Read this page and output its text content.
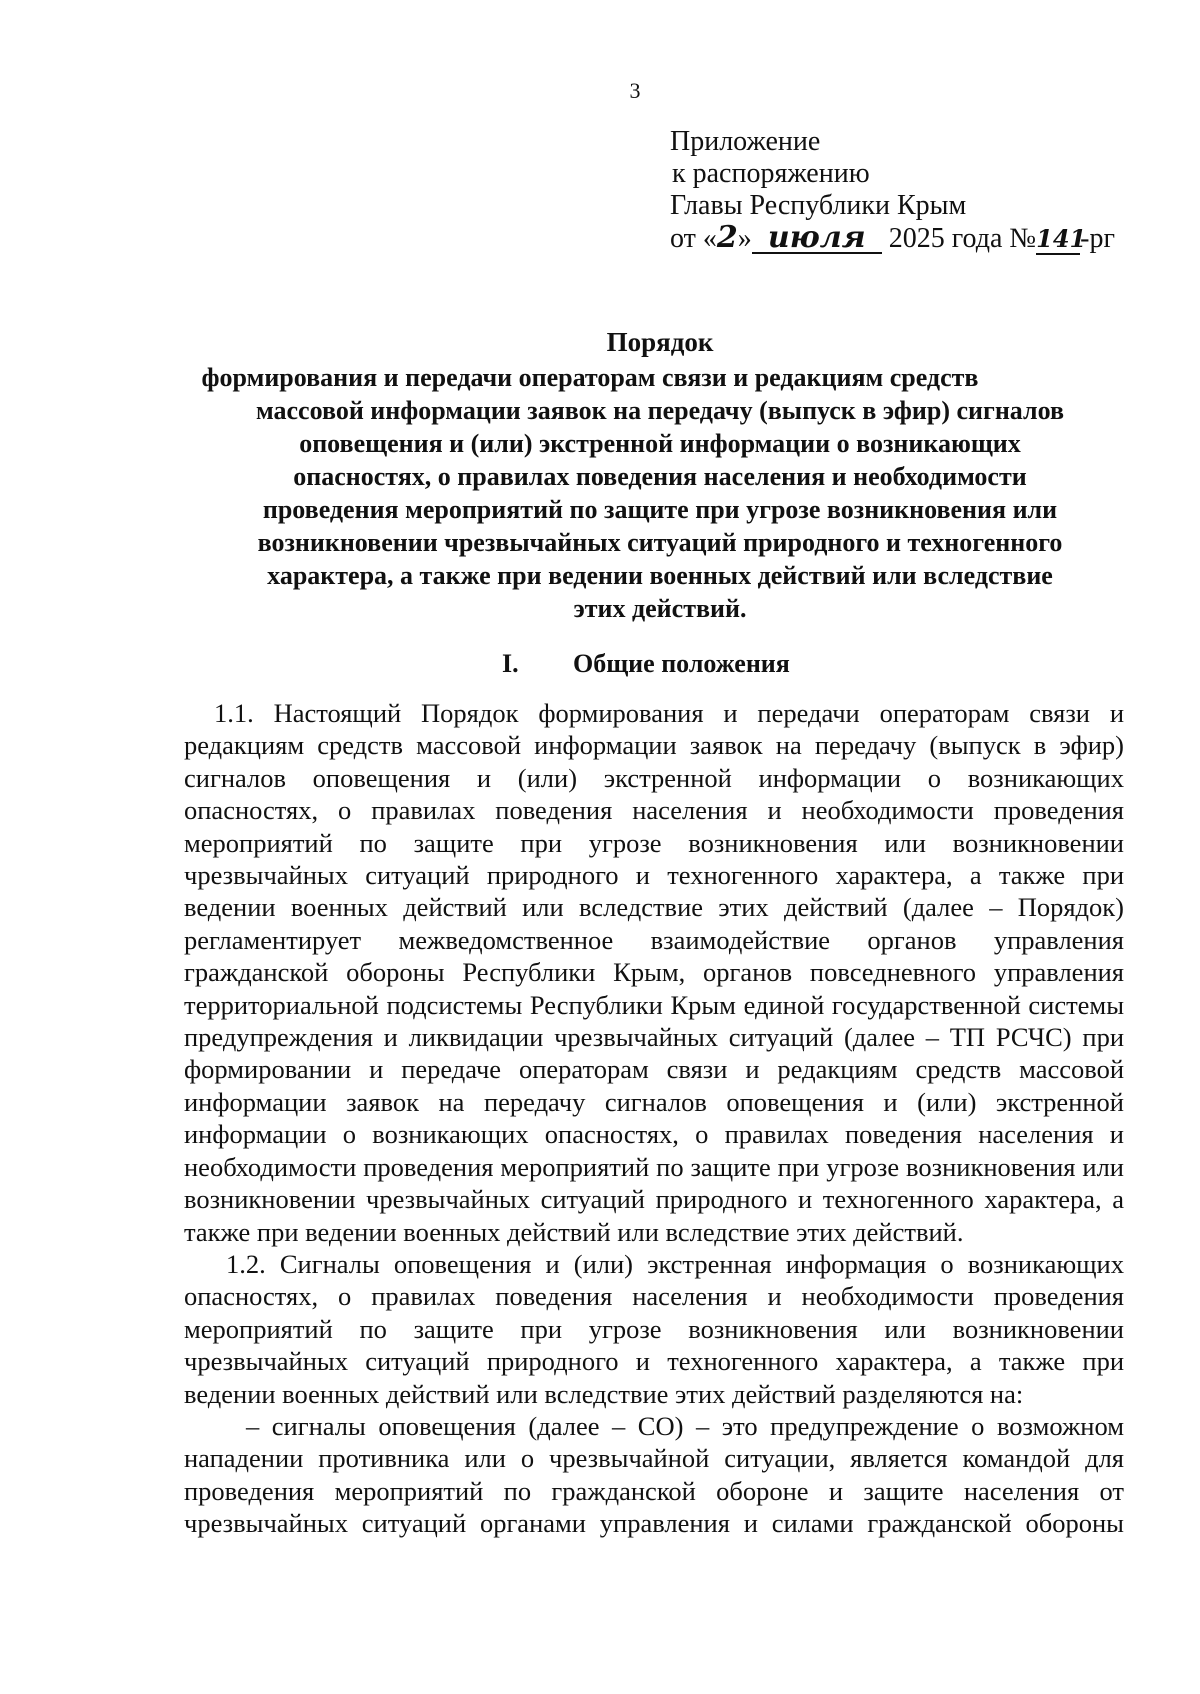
3
Приложение
к распоряжению
Главы Республики Крым
от «2» июля 2025 года №141-рг
Порядок
формирования и передачи операторам связи и редакциям средств
массовой информации заявок на передачу (выпуск в эфир) сигналов
оповещения и (или) экстренной информации о возникающих
опасностях, о правилах поведения населения и необходимости
проведения мероприятий по защите при угрозе возникновения или
возникновении чрезвычайных ситуаций природного и техногенного
характера, а также при ведении военных действий или вследствие
этих действий.
I. Общие положения

1.1. Настоящий Порядок формирования и передачи операторам связи и редакциям средств массовой информации заявок на передачу (выпуск в эфир) сигналов оповещения и (или) экстренной информации о возникающих опасностях, о правилах поведения населения и необходимости проведения мероприятий по защите при угрозе возникновения или возникновении чрезвычайных ситуаций природного и техногенного характера, а также при ведении военных действий или вследствие этих действий (далее – Порядок) регламентирует межведомственное взаимодействие органов управления гражданской обороны Республики Крым, органов повседневного управления территориальной подсистемы Республики Крым единой государственной системы предупреждения и ликвидации чрезвычайных ситуаций (далее – ТП РСЧС) при формировании и передаче операторам связи и редакциям средств массовой информации заявок на передачу сигналов оповещения и (или) экстренной информации о возникающих опасностях, о правилах поведения населения и необходимости проведения мероприятий по защите при угрозе возникновения или возникновении чрезвычайных ситуаций природного и техногенного характера, а также при ведении военных действий или вследствие этих действий.

1.2. Сигналы оповещения и (или) экстренная информация о возникающих опасностях, о правилах поведения населения и необходимости проведения мероприятий по защите при угрозе возникновения или возникновении чрезвычайных ситуаций природного и техногенного характера, а также при ведении военных действий или вследствие этих действий разделяются на:

– сигналы оповещения (далее – СО) – это предупреждение о возможном нападении противника или о чрезвычайной ситуации, является командой для проведения мероприятий по гражданской обороне и защите населения от чрезвычайных ситуаций органами управления и силами гражданской обороны
